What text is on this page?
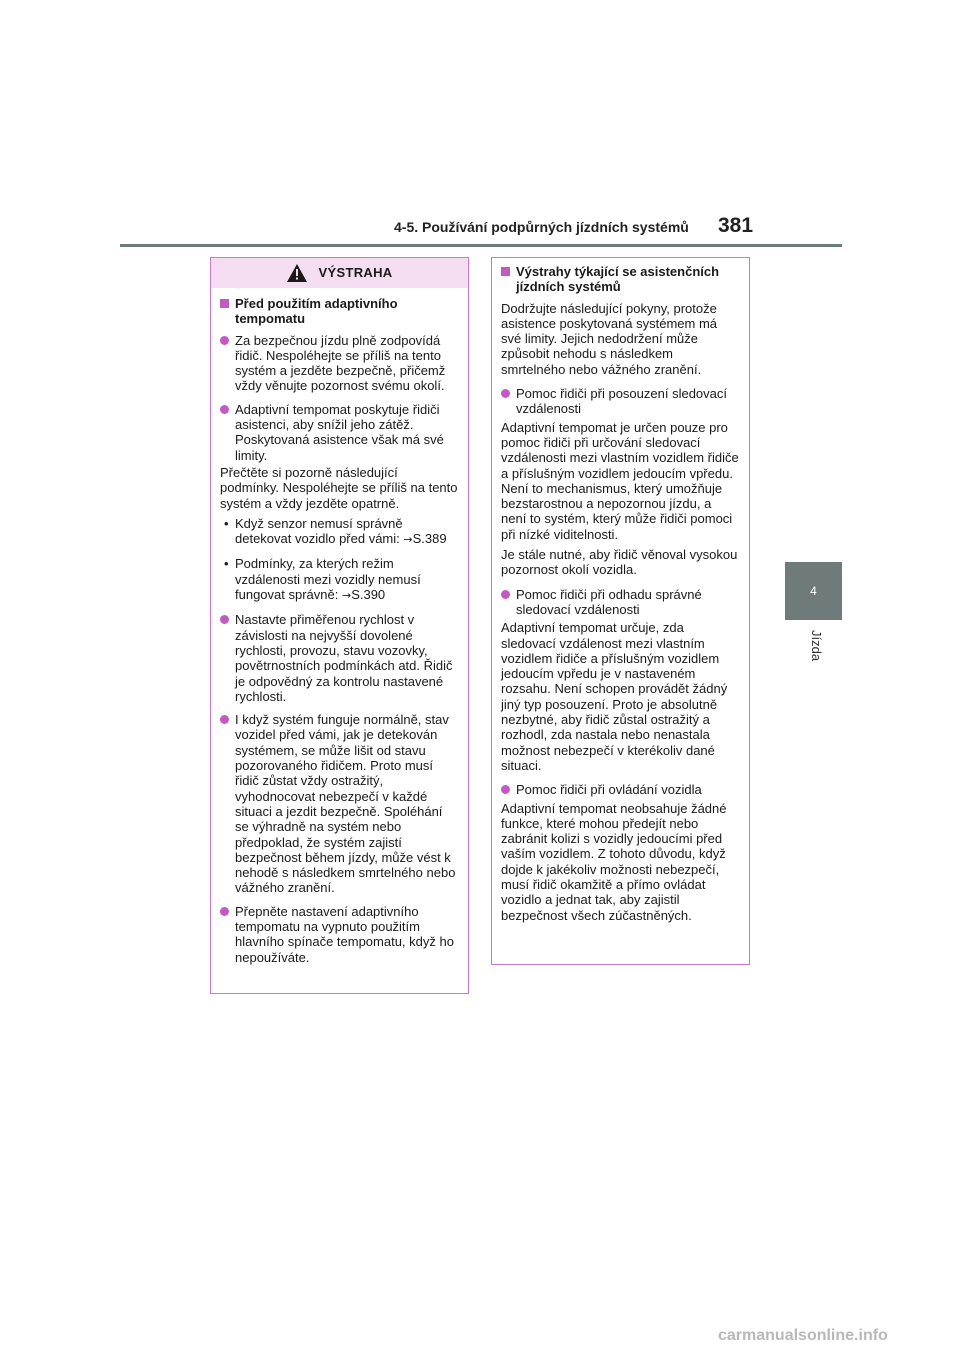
4-5. Používání podpůrných jízdních systémů 381
4
Jízda
VÝSTRAHA
Před použitím adaptivního tempomatu
Za bezpečnou jízdu plně zodpovídá řidič. Nespoléhejte se příliš na tento systém a jezděte bezpečně, přičemž vždy věnujte pozornost svému okolí.
Adaptivní tempomat poskytuje řidiči asistenci, aby snížil jeho zátěž. Poskytovaná asistence však má své limity.
Přečtěte si pozorně následující podmínky. Nespoléhejte se příliš na tento systém a vždy jezděte opatrně.
• Když senzor nemusí správně detekovat vozidlo před vámi: →S.389
• Podmínky, za kterých režim vzdálenosti mezi vozidly nemusí fungovat správně: →S.390
Nastavte přiměřenou rychlost v závislosti na nejvyšší dovolené rychlosti, provozu, stavu vozovky, povětrnostních podmínkách atd. Řidič je odpovědný za kontrolu nastavené rychlosti.
I když systém funguje normálně, stav vozidel před vámi, jak je detekován systémem, se může lišit od stavu pozorovaného řidičem. Proto musí řidič zůstat vždy ostražitý, vyhodnocovat nebezpečí v každé situaci a jezdit bezpečně. Spoléhání se výhradně na systém nebo předpoklad, že systém zajistí bezpečnost během jízdy, může vést k nehodě s následkem smrtelného nebo vážného zranění.
Přepněte nastavení adaptivního tempomatu na vypnuto použitím hlavního spínače tempomatu, když ho nepoužíváte.
Výstrahy týkající se asistenčních jízdních systémů
Dodržujte následující pokyny, protože asistence poskytovaná systémem má své limity. Jejich nedodržení může způsobit nehodu s následkem smrtelného nebo vážného zranění.
Pomoc řidiči při posouzení sledovací vzdálenosti
Adaptivní tempomat je určen pouze pro pomoc řidiči při určování sledovací vzdálenosti mezi vlastním vozidlem řidiče a příslušným vozidlem jedoucím vpředu. Není to mechanismus, který umožňuje bezstarostnou a nepozornou jízdu, a není to systém, který může řidiči pomoci při nízké viditelnosti.
Je stále nutné, aby řidič věnoval vysokou pozornost okolí vozidla.
Pomoc řidiči při odhadu správné sledovací vzdálenosti
Adaptivní tempomat určuje, zda sledovací vzdálenost mezi vlastním vozidlem řidiče a příslušným vozidlem jedoucím vpředu je v nastaveném rozsahu. Není schopen provádět žádný jiný typ posouzení. Proto je absolutně nezbytné, aby řidič zůstal ostražitý a rozhodl, zda nastala nebo nenastala možnost nebezpečí v kterékoliv dané situaci.
Pomoc řidiči při ovládání vozidla
Adaptivní tempomat neobsahuje žádné funkce, které mohou předejít nebo zabránit kolizi s vozidly jedoucími před vaším vozidlem. Z tohoto důvodu, když dojde k jakékoliv možnosti nebezpečí, musí řidič okamžitě a přímo ovládat vozidlo a jednat tak, aby zajistil bezpečnost všech zúčastněných.
carmanualsonline.info
